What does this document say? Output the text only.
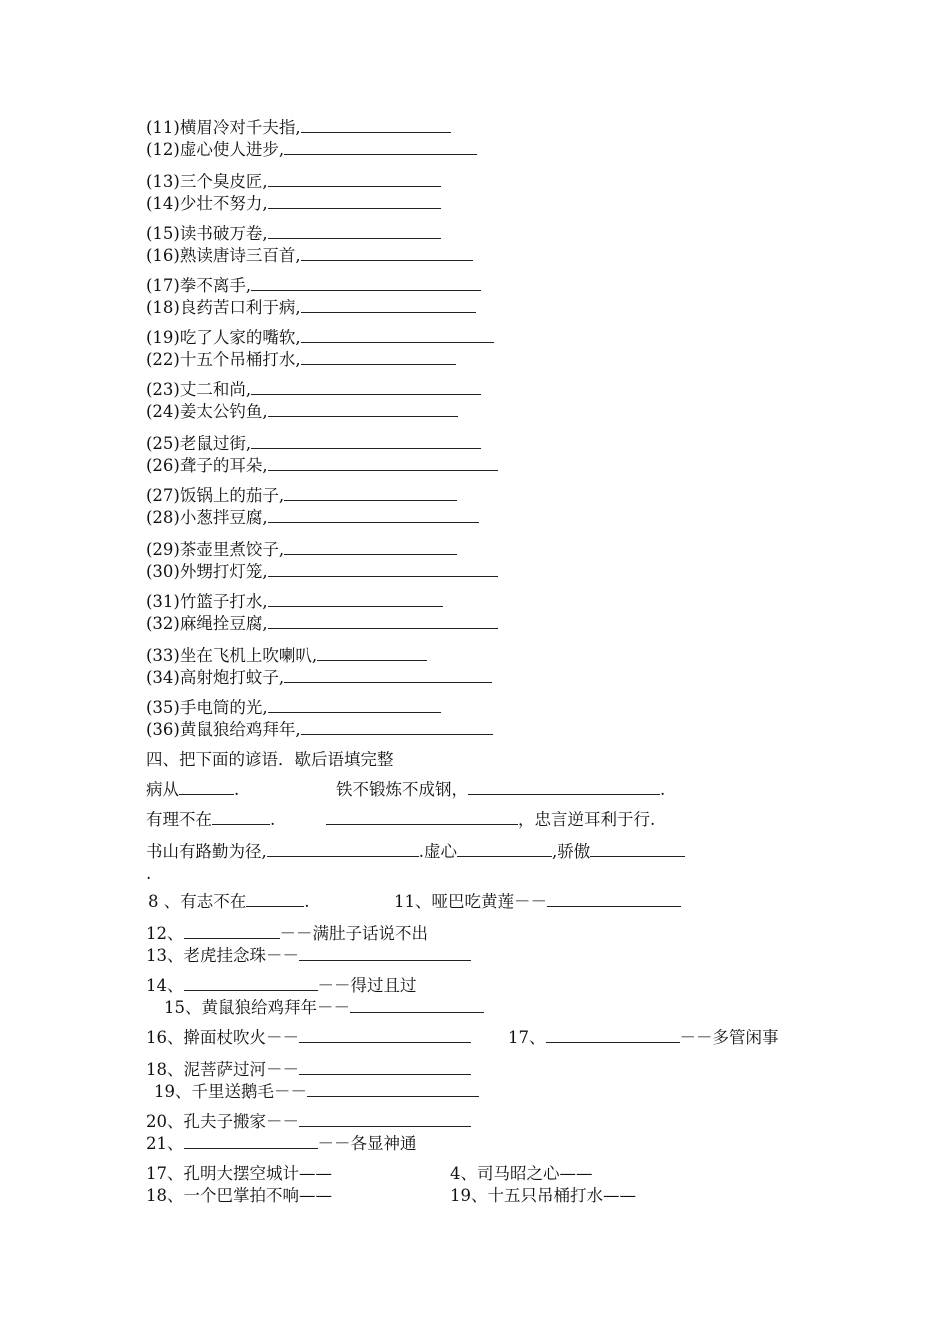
(11)横眉冷对千夫指,
(12)虚心使人进步,
(13)三个臭皮匠,
(14)少壮不努力,
(15)读书破万卷,
(16)熟读唐诗三百首,
(17)拳不离手,
(18)良药苦口利于病,
(19)吃了人家的嘴软,
(22)十五个吊桶打水,
(23)丈二和尚,
(24)姜太公钓鱼,
(25)老鼠过街,
(26)聋子的耳朵,
(27)饭锅上的茄子,
(28)小葱拌豆腐,
(29)茶壶里煮饺子,
(30)外甥打灯笼,
(31)竹篮子打水,
(32)麻绳拴豆腐,
(33)坐在飞机上吹喇叭,
(34)高射炮打蚊子,
(35)手电筒的光,
(36)黄鼠狼给鸡拜年,
四、把下面的谚语．歇后语填完整
病从	.	铁不锻炼不成钢，	.
有理不在	.	，忠言逆耳利于行.
书山有路勤为径,	.虚心	,骄傲
.
8 、有志不在	.	11、哑巴吃黄莲－－
12、	－－满肚子话说不出
13、老虎挂念珠－－
14、	－－得过且过
15、黄鼠狼给鸡拜年－－
16、擀面杖吹火－－	17、	－－多管闲事
18、泥菩萨过河－－
19、千里送鹅毛－－
20、孔夫子搬家－－
21、	－－各显神通
17、孔明大摆空城计——	4、司马昭之心——
18、一个巴掌拍不响——	19、十五只吊桶打水——
